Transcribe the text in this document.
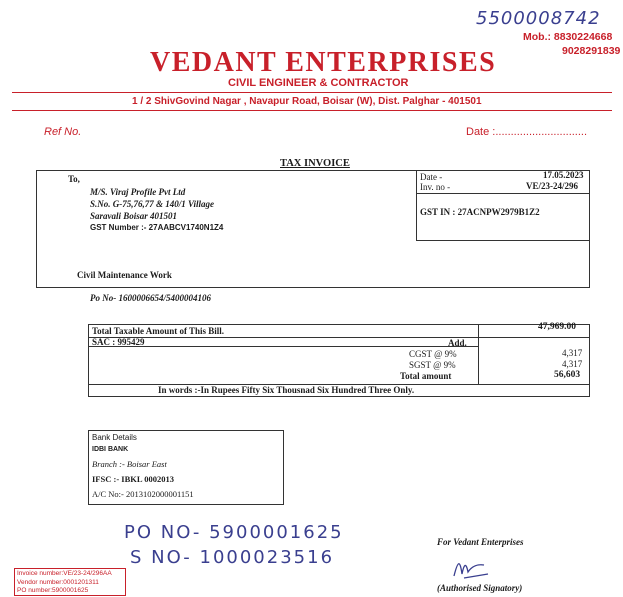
5500008742
Mob.: 8830224668
9028291839
VEDANT ENTERPRISES
CIVIL ENGINEER & CONTRACTOR
1 / 2 ShivGovind Nagar , Navapur Road, Boisar (W), Dist. Palghar - 401501
Ref No.	Date :..............................
TAX INVOICE
To,
M/S. Viraj Profile Pvt Ltd
S.No. G-75,76,77 & 140/1 Village
Saravali Boisar 401501
GST Number :- 27AABCV1740N1Z4
Date -	17.05.2023
Inv. no -	VE/23-24/296
GST IN : 27ACNPW2979B1Z2
Civil Maintenance Work
Po No- 1600006654/5400004106
Total Taxable Amount of This Bill.	47,969.00
SAC : 995429	Add.
CGST @ 9%	4,317
SGST @ 9%	4,317
Total amount	56,603
In words :-In Rupees Fifty Six Thousnad Six Hundred Three Only.
Bank Details
IDBI BANK
Branch :- Boisar East
IFSC :- IBKL 0002013
A/C No:- 2013102000001151
PO NO- 5900001625
S NO- 1000023516
For Vedant Enterprises
(Authorised Signatory)
Invoice number:VE/23-24/296AA
Vendor number:0001201311
PO number:5900001625
